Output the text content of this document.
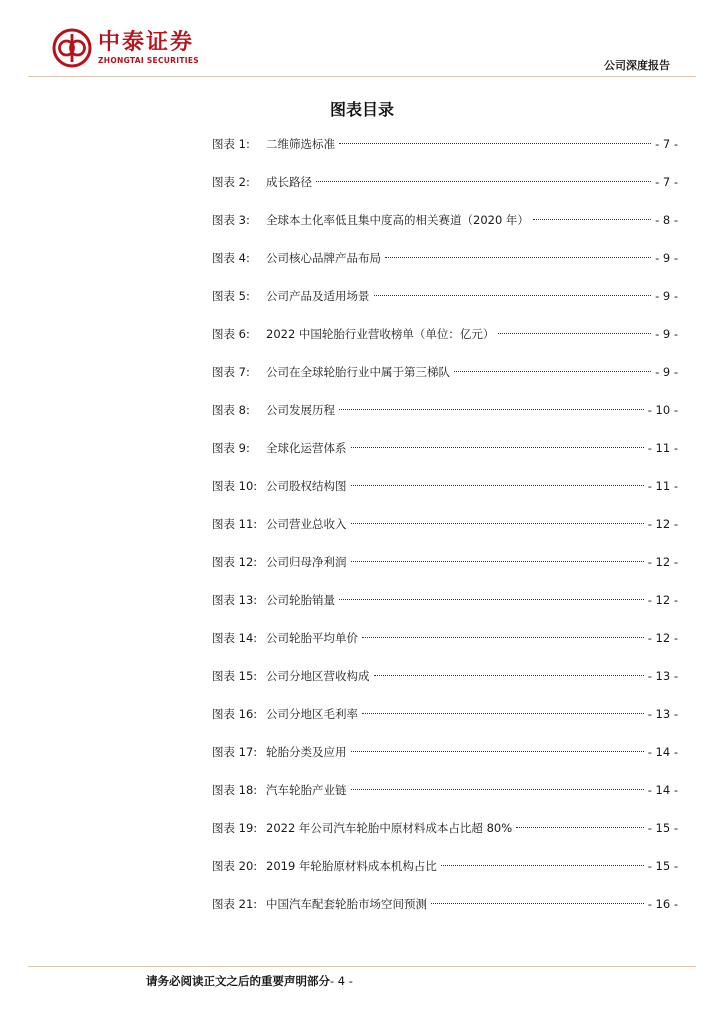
中泰证券
ZHONGTAI SECURITIES	公司深度报告
图表目录
图表 1:	二维筛选标准	- 7 -
图表 2:	成长路径	- 7 -
图表 3:	全球本土化率低且集中度高的相关赛道（2020 年）	- 8 -
图表 4:	公司核心品牌产品布局	- 9 -
图表 5:	公司产品及适用场景	- 9 -
图表 6:	2022 中国轮胎行业营收榜单（单位：亿元）	- 9 -
图表 7:	公司在全球轮胎行业中属于第三梯队	- 9 -
图表 8:	公司发展历程	- 10 -
图表 9:	全球化运营体系	- 11 -
图表 10: 公司股权结构图	- 11 -
图表 11: 公司营业总收入	- 12 -
图表 12: 公司归母净利润	- 12 -
图表 13: 公司轮胎销量	- 12 -
图表 14: 公司轮胎平均单价	- 12 -
图表 15: 公司分地区营收构成	- 13 -
图表 16: 公司分地区毛利率	- 13 -
图表 17: 轮胎分类及应用	- 14 -
图表 18: 汽车轮胎产业链	- 14 -
图表 19: 2022 年公司汽车轮胎中原材料成本占比超 80%	- 15 -
图表 20: 2019 年轮胎原材料成本机构占比	- 15 -
图表 21: 中国汽车配套轮胎市场空间预测	- 16 -
请务必阅读正文之后的重要声明部分- 4 -
